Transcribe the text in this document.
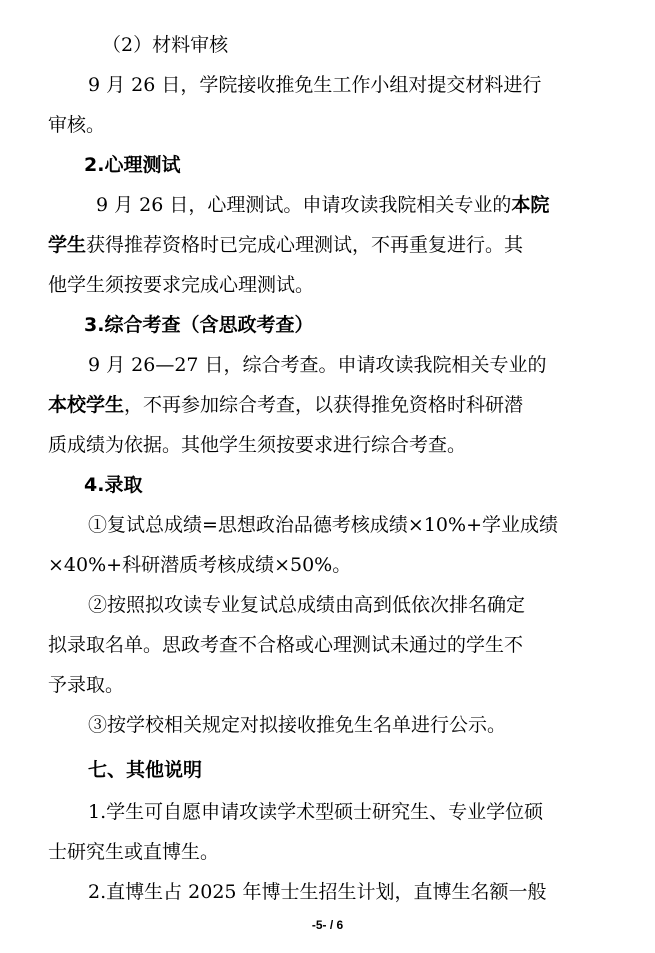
（2）材料审核
9 月 26 日，学院接收推免生工作小组对提交材料进行
审核。
2.心理测试
9 月 26 日，心理测试。申请攻读我院相关专业的本院
学生获得推荐资格时已完成心理测试，不再重复进行。其
他学生须按要求完成心理测试。
3.综合考查（含思政考查）
9 月 26—27 日，综合考查。申请攻读我院相关专业的
本校学生，不再参加综合考查，以获得推免资格时科研潜
质成绩为依据。其他学生须按要求进行综合考查。
4.录取
①复试总成绩=思想政治品德考核成绩×10%+学业成绩
×40%+科研潜质考核成绩×50%。
②按照拟攻读专业复试总成绩由高到低依次排名确定
拟录取名单。思政考查不合格或心理测试未通过的学生不
予录取。
③按学校相关规定对拟接收推免生名单进行公示。
七、其他说明
1.学生可自愿申请攻读学术型硕士研究生、专业学位硕
士研究生或直博生。
2.直博生占 2025 年博士生招生计划，直博生名额一般
-5- / 6
